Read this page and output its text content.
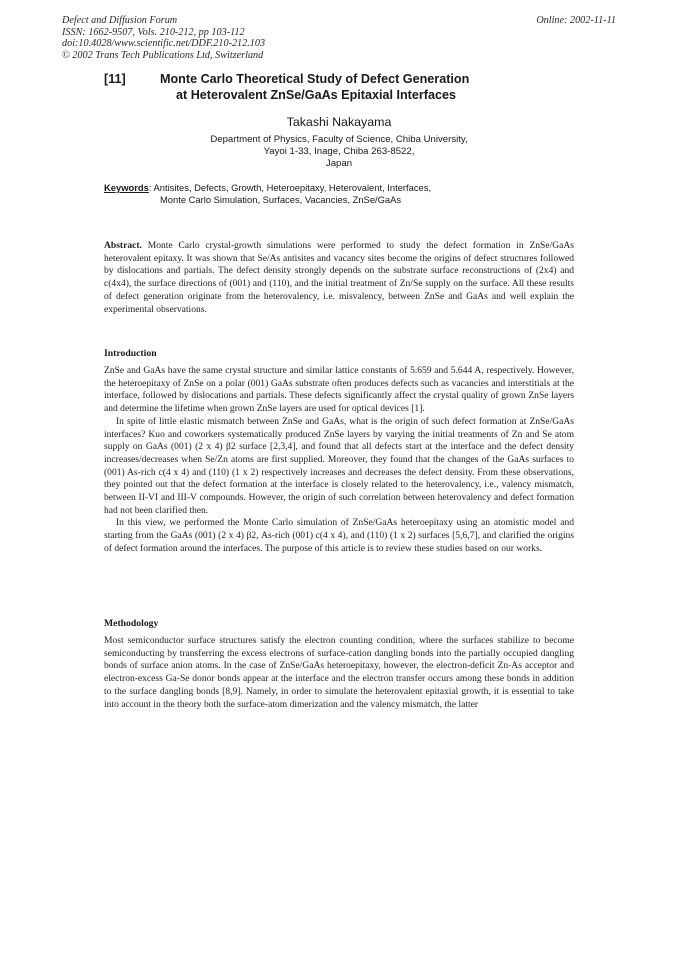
Defect and Diffusion Forum
ISSN: 1662-9507, Vols. 210-212, pp 103-112
doi:10.4028/www.scientific.net/DDF.210-212.103
© 2002 Trans Tech Publications Ltd, Switzerland
Online: 2002-11-11
[11]	Monte Carlo Theoretical Study of Defect Generation
at Heterovalent ZnSe/GaAs Epitaxial Interfaces
Takashi Nakayama
Department of Physics, Faculty of Science, Chiba University,
Yayoi 1-33, Inage, Chiba 263-8522,
Japan
Keywords: Antisites, Defects, Growth, Heteroepitaxy, Heterovalent, Interfaces,
Monte Carlo Simulation, Surfaces, Vacancies, ZnSe/GaAs

Abstract. Monte Carlo crystal-growth simulations were performed to study the defect formation in ZnSe/GaAs heterovalent epitaxy. It was shown that Se/As antisites and vacancy sites become the origins of defect structures followed by dislocations and partials. The defect density strongly depends on the substrate surface reconstructions of (2x4) and c(4x4), the surface directions of (001) and (110), and the initial treatment of Zn/Se supply on the surface. All these results of defect generation originate from the heterovalency, i.e. misvalency, between ZnSe and GaAs and well explain the experimental observations.

Introduction

ZnSe and GaAs have the same crystal structure and similar lattice constants of 5.659 and 5.644 A, respectively. However, the heteroepitaxy of ZnSe on a polar (001) GaAs substrate often produces defects such as vacancies and interstitials at the interface, followed by dislocations and partials. These defects significantly affect the crystal quality of grown ZnSe layers and determine the lifetime when grown ZnSe layers are used for optical devices [1].

In spite of little elastic mismatch between ZnSe and GaAs, what is the origin of such defect formation at ZnSe/GaAs interfaces? Kuo and coworkers systematically produced ZnSe layers by varying the initial treatments of Zn and Se atom supply on GaAs (001) (2 x 4) β2 surface [2,3,4], and found that all defects start at the interface and the defect density increases/decreases when Se/Zn atoms are first supplied. Moreover, they found that the changes of the GaAs surfaces to (001) As-rich c(4 x 4) and (110) (1 x 2) respectively increases and decreases the defect density. From these observations, they pointed out that the defect formation at the interface is closely related to the heterovalency, i.e., valency mismatch, between II-VI and III-V compounds. However, the origin of such correlation between heterovalency and defect formation had not been clarified then.

In this view, we performed the Monte Carlo simulation of ZnSe/GaAs heteroepitaxy using an atomistic model and starting from the GaAs (001) (2 x 4) β2, As-rich (001) c(4 x 4), and (110) (1 x 2) surfaces [5,6,7], and clarified the origins of defect formation around the interfaces. The purpose of this article is to review these studies based on our works.

Methodology

Most semiconductor surface structures satisfy the electron counting condition, where the surfaces stabilize to become semiconducting by transferring the excess electrons of surface-cation dangling bonds into the partially occupied dangling bonds of surface anion atoms. In the case of ZnSe/GaAs heteroepitaxy, however, the electron-deficit Zn-As acceptor and electron-excess Ga-Se donor bonds appear at the interface and the electron transfer occurs among these bonds in addition to the surface dangling bonds [8,9]. Namely, in order to simulate the heterovalent epitaxial growth, it is essential to take into account in the theory both the surface-atom dimerization and the valency mismatch, the latter
